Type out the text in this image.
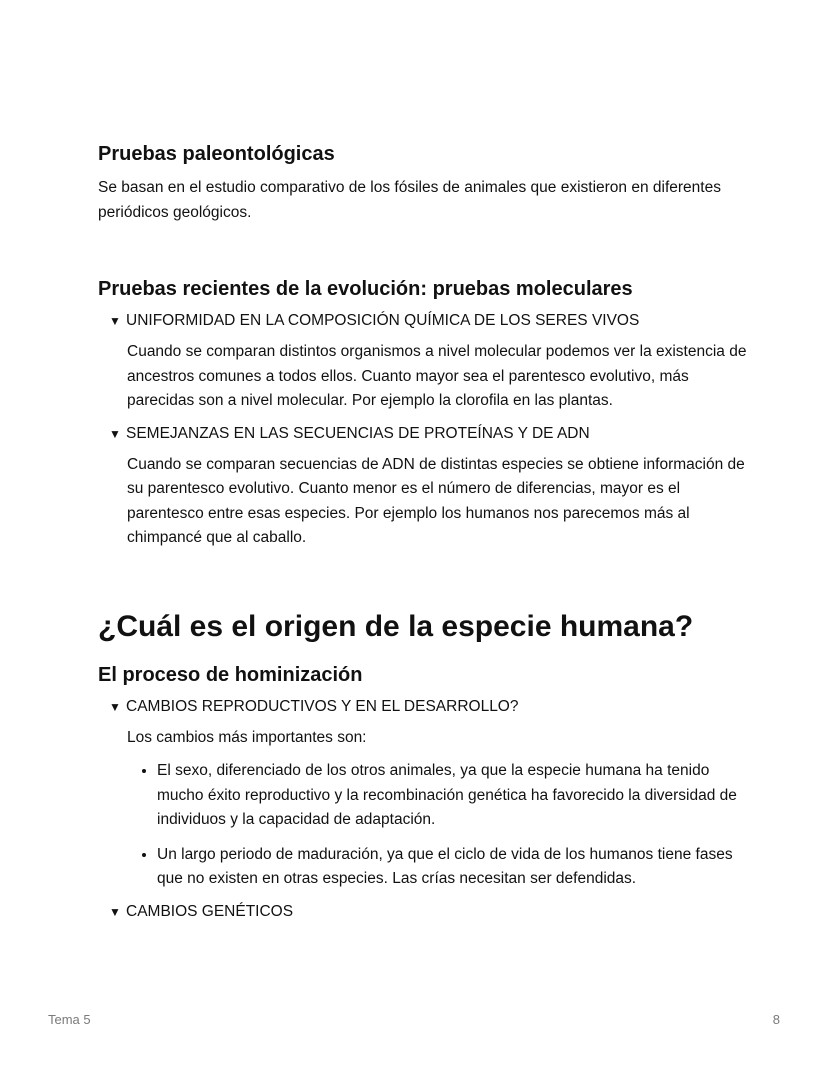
Pruebas paleontológicas

Se basan en el estudio comparativo de los fósiles de animales que existieron en diferentes periódicos geológicos.

Pruebas recientes de la evolución: pruebas moleculares
▼ UNIFORMIDAD EN LA COMPOSICIÓN QUÍMICA DE LOS SERES VIVOS

Cuando se comparan distintos organismos a nivel molecular podemos ver la existencia de ancestros comunes a todos ellos. Cuanto mayor sea el parentesco evolutivo, más parecidas son a nivel molecular. Por ejemplo la clorofila en las plantas.

▼ SEMEJANZAS EN LAS SECUENCIAS DE PROTEÍNAS Y DE ADN

Cuando se comparan secuencias de ADN de distintas especies se obtiene información de su parentesco evolutivo. Cuanto menor es el número de diferencias, mayor es el parentesco entre esas especies. Por ejemplo los humanos nos parecemos más al chimpancé que al caballo.

¿Cuál es el origen de la especie humana?
El proceso de hominización
▼ CAMBIOS REPRODUCTIVOS Y EN EL DESARROLLO?

Los cambios más importantes son:

• El sexo, diferenciado de los otros animales, ya que la especie humana ha tenido mucho éxito reproductivo y la recombinación genética ha favorecido la diversidad de individuos y la capacidad de adaptación.
• Un largo periodo de maduración, ya que el ciclo de vida de los humanos tiene fases que no existen en otras especies. Las crías necesitan ser defendidas.
▼ CAMBIOS GENÉTICOS
Tema 5	8
